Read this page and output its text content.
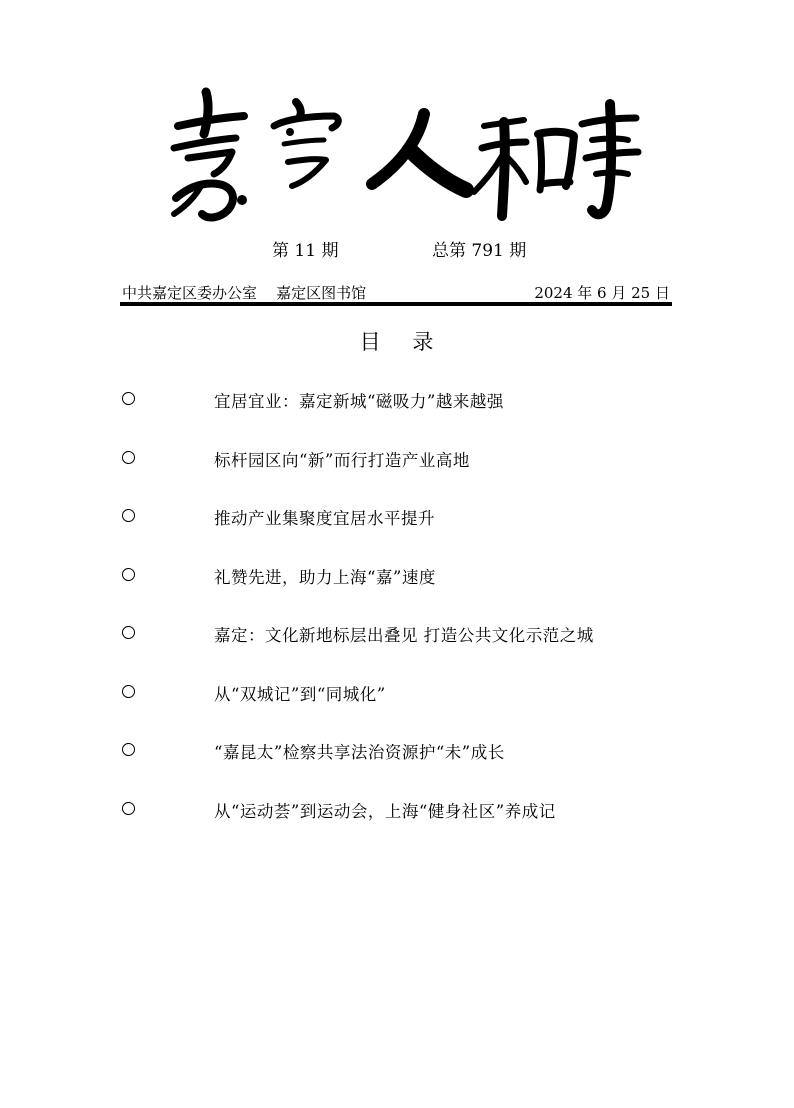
第 11 期	总第 791 期
中共嘉定区委办公室    嘉定区图书馆	2024 年 6 月 25 日
目    录
宜居宜业：嘉定新城“磁吸力”越来越强
标杆园区向“新”而行打造产业高地
推动产业集聚度宜居水平提升
礼赞先进，助力上海“嘉”速度
嘉定：文化新地标层出叠见 打造公共文化示范之城
从“双城记”到“同城化”
“嘉昆太”检察共享法治资源护“未”成长
从“运动荟”到运动会，上海“健身社区”养成记
